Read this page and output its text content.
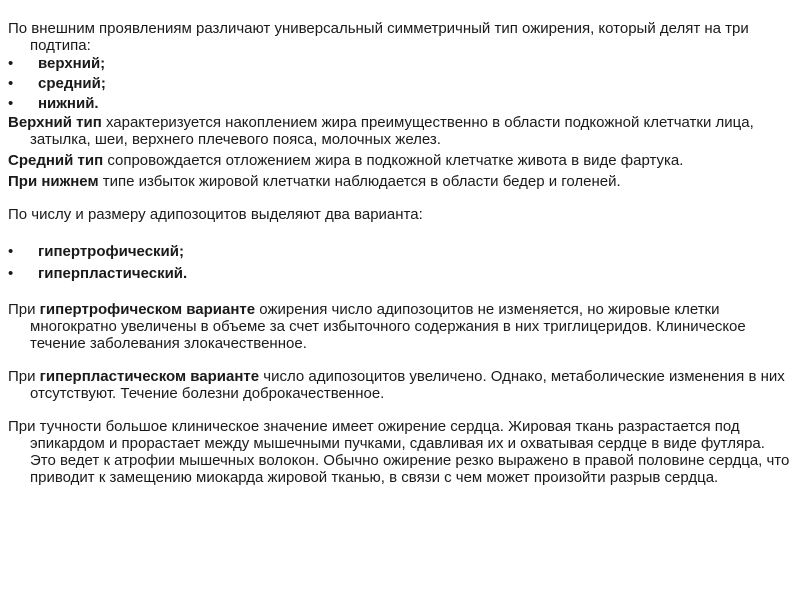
По внешним проявлениям различают универсальный симметричный тип ожирения, который делят на три подтипа:

• верхний;
• средний;
• нижний.

Верхний тип характеризуется накоплением жира преимущественно в области подкожной клетчатки лица, затылка, шеи, верхнего плечевого пояса, молочных желез.

Средний тип сопровождается отложением жира в подкожной клетчатке живота в виде фартука.

При нижнем типе избыток жировой клетчатки наблюдается в области бедер и голеней.

По числу и размеру адипозоцитов выделяют два варианта:

• гипертрофический;
• гиперпластический.

При гипертрофическом варианте ожирения число адипозоцитов не изменяется, но жировые клетки многократно увеличены в объеме за счет избыточного содержания в них триглицеридов. Клиническое течение заболевания злокачественное.

При гиперпластическом варианте число адипозоцитов увеличено. Однако, метаболические изменения в них отсутствуют. Течение болезни доброкачественное.

При тучности большое клиническое значение имеет ожирение сердца. Жировая ткань разрастается под эпикардом и прорастает между мышечными пучками, сдавливая их и охватывая сердце в виде футляра. Это ведет к атрофии мышечных волокон. Обычно ожирение резко выражено в правой половине сердца, что приводит к замещению миокарда жировой тканью, в связи с чем может произойти разрыв сердца.
